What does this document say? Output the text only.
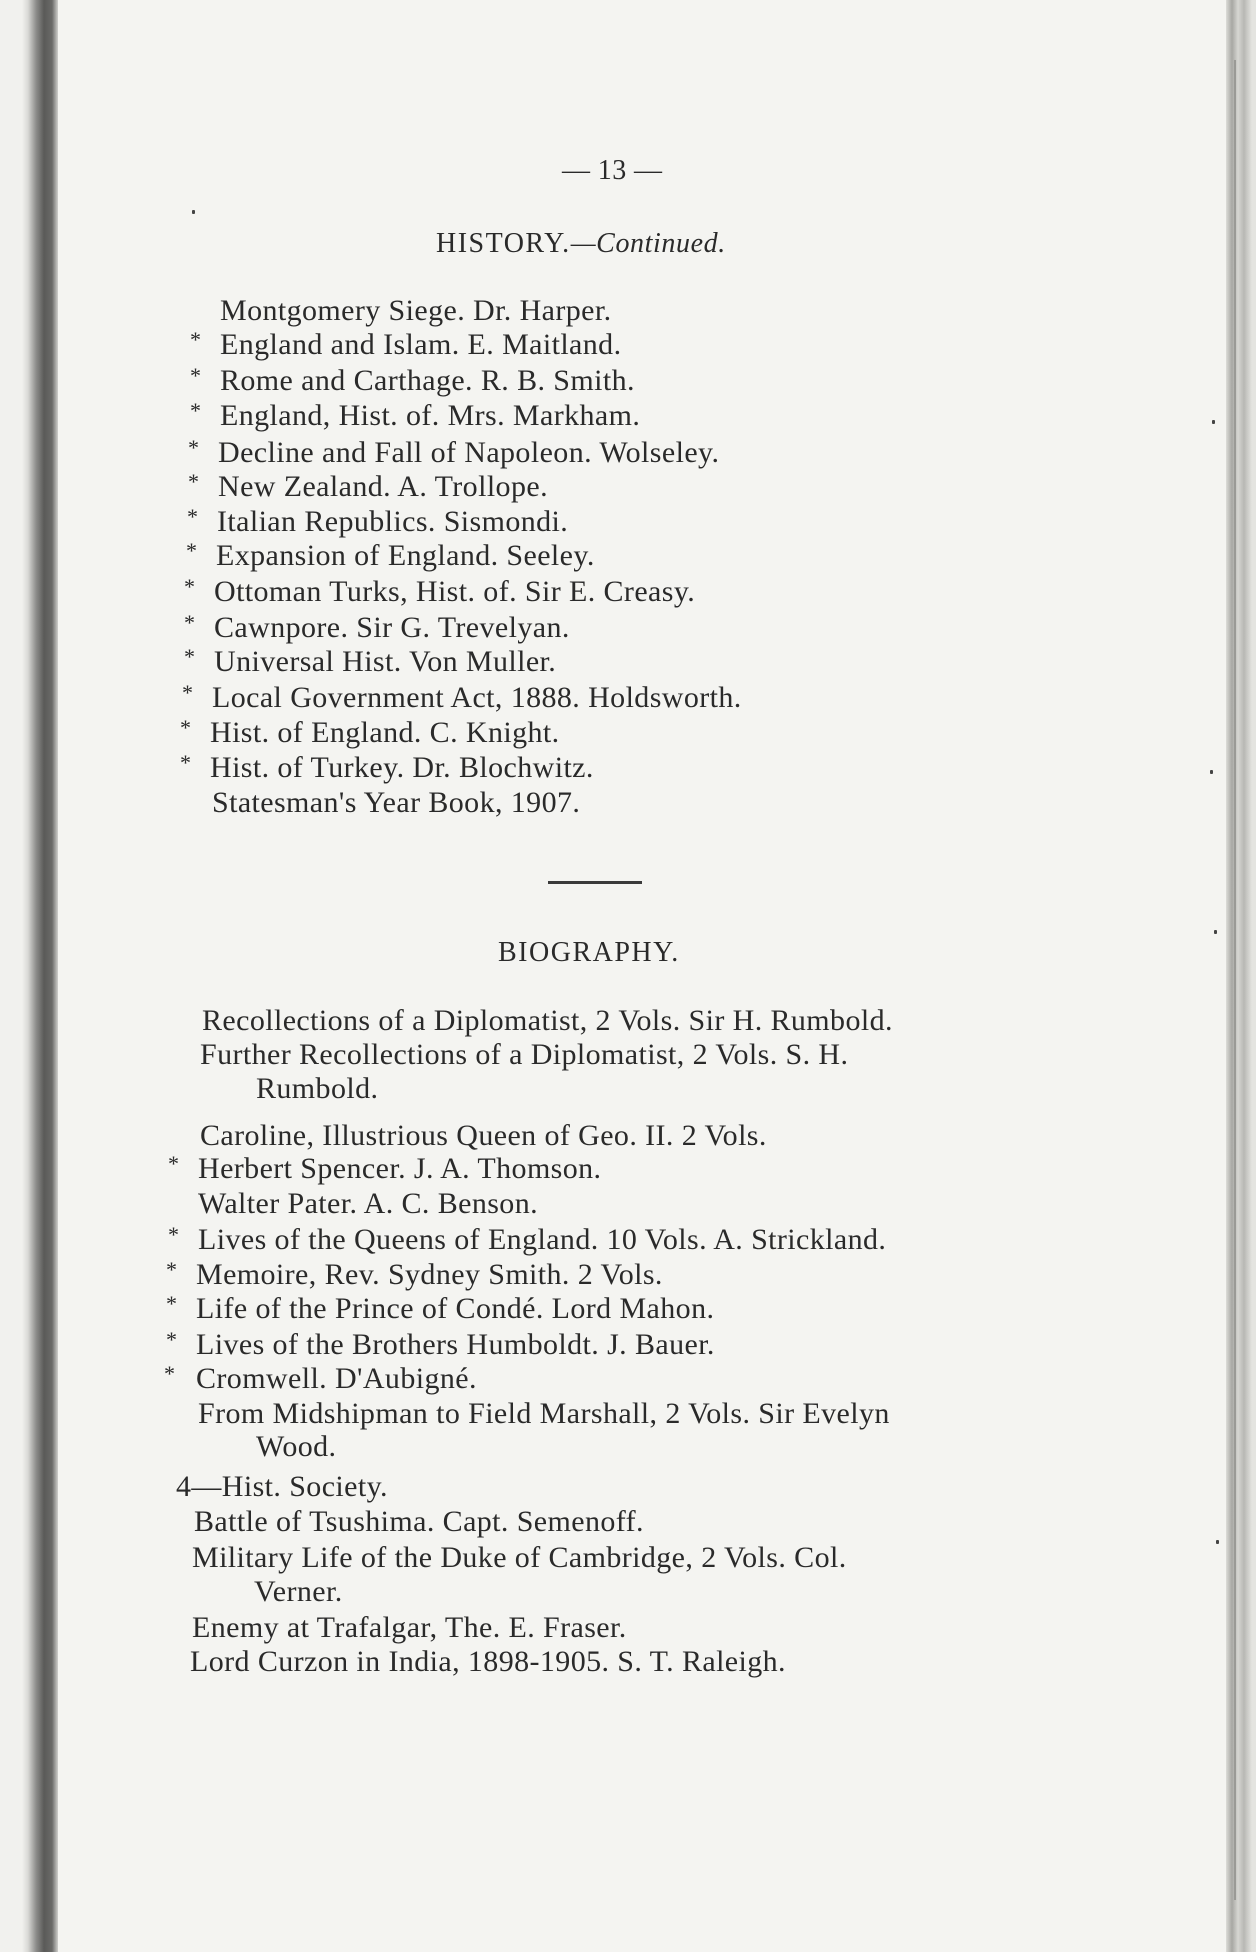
— 13 —
HISTORY.—Continued.
Montgomery Siege. Dr. Harper.
* England and Islam. E. Maitland.
* Rome and Carthage. R. B. Smith.
* England, Hist. of. Mrs. Markham.
* Decline and Fall of Napoleon. Wolseley.
* New Zealand. A. Trollope.
* Italian Republics. Sismondi.
* Expansion of England. Seeley.
* Ottoman Turks, Hist. of. Sir E. Creasy.
* Cawnpore. Sir G. Trevelyan.
* Universal Hist. Von Muller.
* Local Government Act, 1888. Holdsworth.
* Hist. of England. C. Knight.
* Hist. of Turkey. Dr. Blochwitz.
Statesman's Year Book, 1907.
BIOGRAPHY.
Recollections of a Diplomatist, 2 Vols. Sir H. Rumbold.
Further Recollections of a Diplomatist, 2 Vols. S. H.
Rumbold.
Caroline, Illustrious Queen of Geo. II. 2 Vols.
* Herbert Spencer. J. A. Thomson.
Walter Pater. A. C. Benson.
* Lives of the Queens of England. 10 Vols. A. Strickland.
* Memoire, Rev. Sydney Smith. 2 Vols.
* Life of the Prince of Condé. Lord Mahon.
* Lives of the Brothers Humboldt. J. Bauer.
* Cromwell. D'Aubigné.
From Midshipman to Field Marshall, 2 Vols. Sir Evelyn
Wood.
4—Hist. Society.
Battle of Tsushima. Capt. Semenoff.
Military Life of the Duke of Cambridge, 2 Vols. Col.
Verner.
Enemy at Trafalgar, The. E. Fraser.
Lord Curzon in India, 1898-1905. S. T. Raleigh.
